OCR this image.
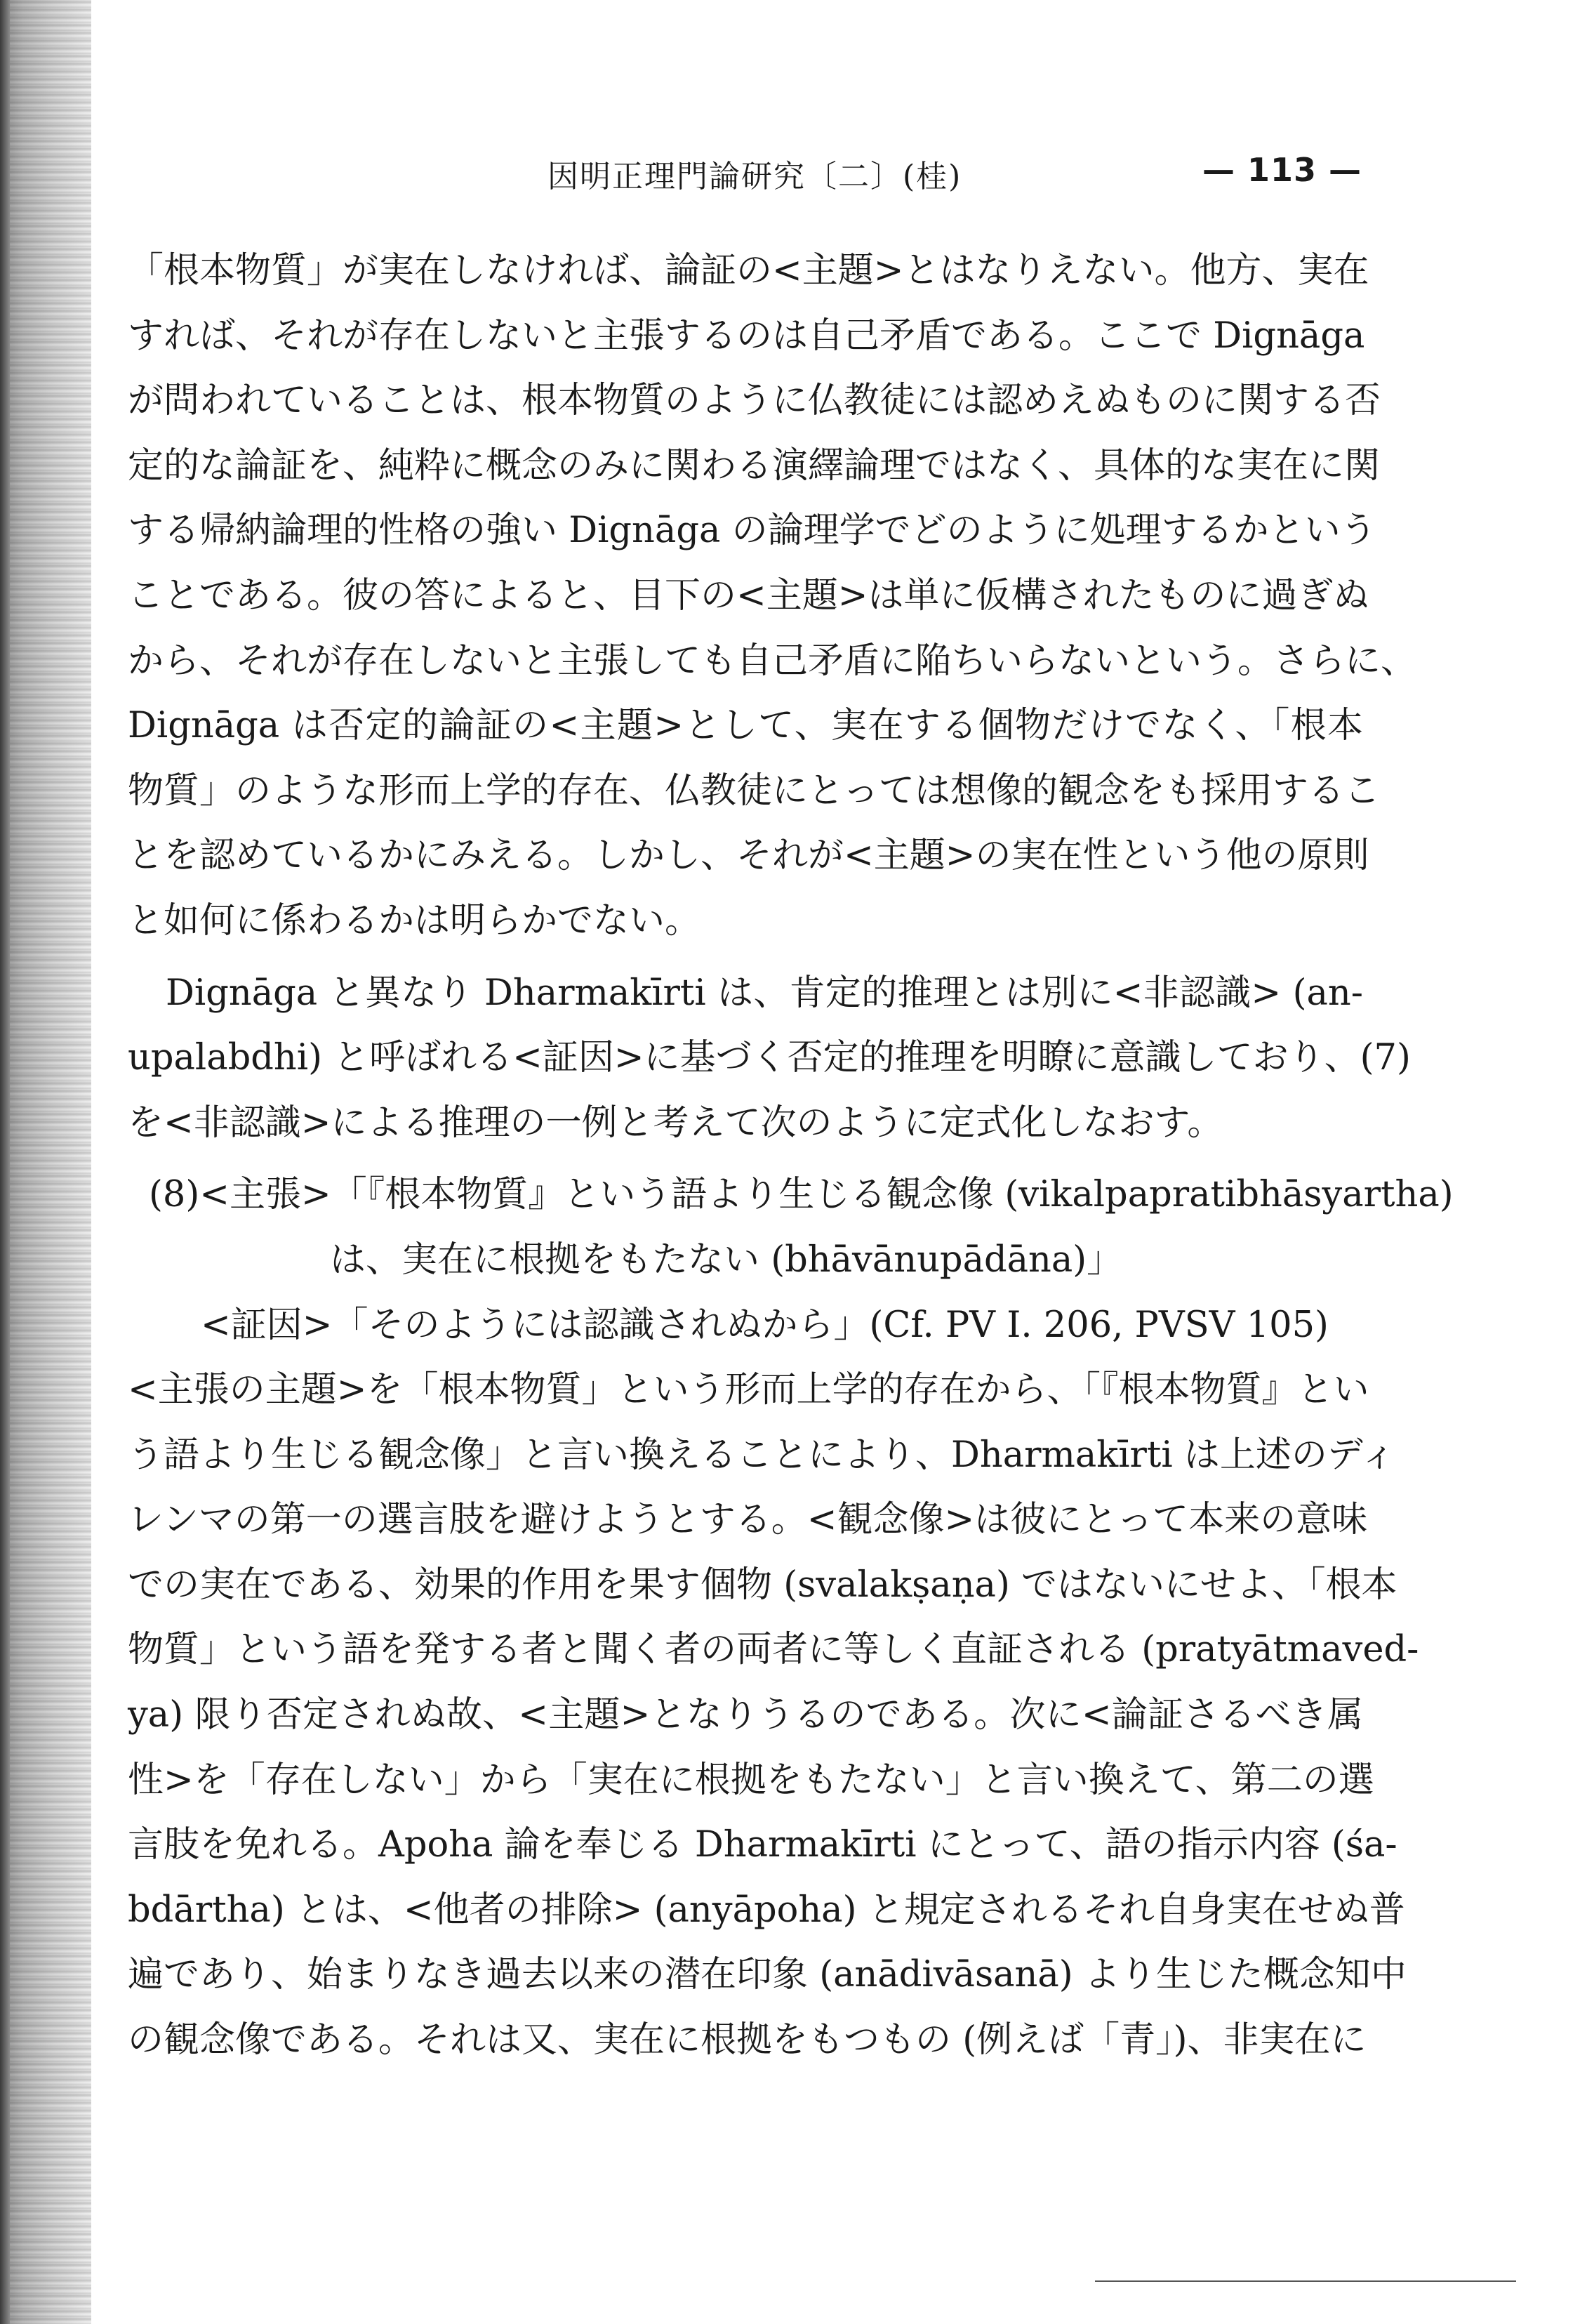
因明正理門論研究〔二〕(桂)	— 113 —
「根本物質」が実在しなければ、論証の<主題>とはなりえない。他方、実在
すれば、それが存在しないと主張するのは自己矛盾である。ここで Dignāga
が問われていることは、根本物質のように仏教徒には認めえぬものに関する否
定的な論証を、純粋に概念のみに関わる演繹論理ではなく、具体的な実在に関
する帰納論理的性格の強い Dignāga の論理学でどのように処理するかという
ことである。彼の答によると、目下の<主題>は単に仮構されたものに過ぎぬ
から、それが存在しないと主張しても自己矛盾に陥ちいらないという。さらに、
Dignāga は否定的論証の<主題>として、実在する個物だけでなく、「根本
物質」のような形而上学的存在、仏教徒にとっては想像的観念をも採用するこ
とを認めているかにみえる。しかし、それが<主題>の実在性という他の原則
と如何に係わるかは明らかでない。
Dignāga と異なり Dharmakīrti は、肯定的推理とは別に<非認識> (an-
upalabdhi) と呼ばれる<証因>に基づく否定的推理を明瞭に意識しており、(7)
を<非認識>による推理の一例と考えて次のように定式化しなおす。
(8)<主張>「『根本物質』という語より生じる観念像 (vikalpapratibhāsyartha)
は、実在に根拠をもたない (bhāvānupādāna)」
<証因>「そのようには認識されぬから」(Cf. PV I. 206, PVSV 105)
<主張の主題>を「根本物質」という形而上学的存在から、「『根本物質』とい
う語より生じる観念像」と言い換えることにより、Dharmakīrti は上述のディ
レンマの第一の選言肢を避けようとする。<観念像>は彼にとって本来の意味
での実在である、効果的作用を果す個物 (svalakṣaṇa) ではないにせよ、「根本
物質」という語を発する者と聞く者の両者に等しく直証される (pratyātmaved-
ya) 限り否定されぬ故、<主題>となりうるのである。次に<論証さるべき属
性>を「存在しない」から「実在に根拠をもたない」と言い換えて、第二の選
言肢を免れる。Apoha 論を奉じる Dharmakīrti にとって、語の指示内容 (śa-
bdārtha) とは、<他者の排除> (anyāpoha) と規定されるそれ自身実在せぬ普
遍であり、始まりなき過去以来の潜在印象 (anādivāsanā) より生じた概念知中
の観念像である。それは又、実在に根拠をもつもの (例えば「青」)、非実在に
